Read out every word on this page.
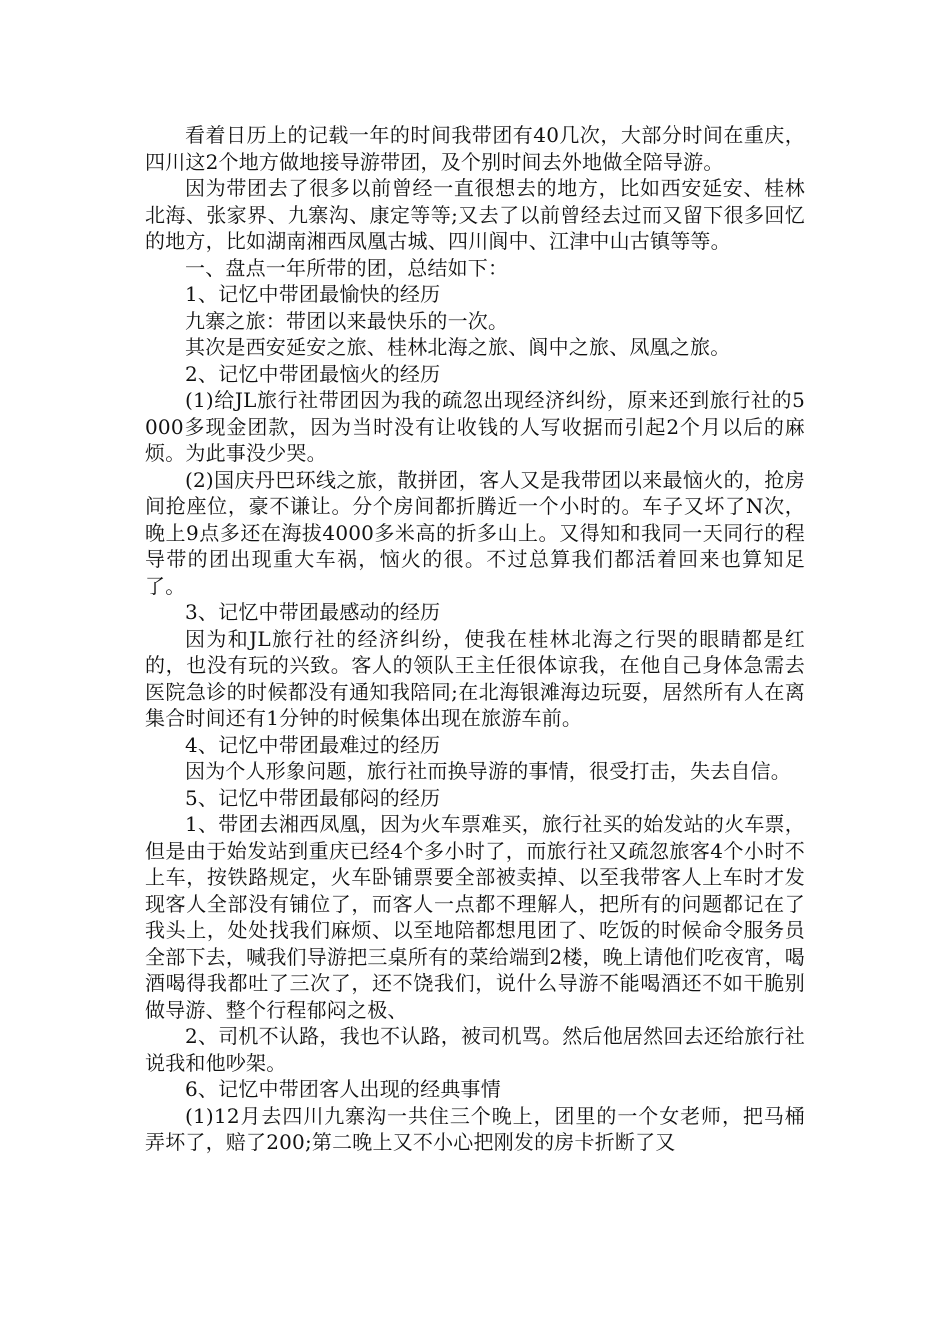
看着日历上的记载一年的时间我带团有40几次，大部分时间在重庆，四川这2个地方做地接导游带团，及个别时间去外地做全陪导游。

因为带团去了很多以前曾经一直很想去的地方，比如西安延安、桂林北海、张家界、九寨沟、康定等等;又去了以前曾经去过而又留下很多回忆的地方，比如湖南湘西凤凰古城、四川阆中、江津中山古镇等等。

一、盘点一年所带的团，总结如下：

1、记忆中带团最愉快的经历

九寨之旅：带团以来最快乐的一次。

其次是西安延安之旅、桂林北海之旅、阆中之旅、凤凰之旅。

2、记忆中带团最恼火的经历

(1)给JL旅行社带团因为我的疏忽出现经济纠纷，原来还到旅行社的5000多现金团款，因为当时没有让收钱的人写收据而引起2个月以后的麻烦。为此事没少哭。

(2)国庆丹巴环线之旅，散拼团，客人又是我带团以来最恼火的，抢房间抢座位，豪不谦让。分个房间都折腾近一个小时的。车子又坏了N次，晚上9点多还在海拔4000多米高的折多山上。又得知和我同一天同行的程导带的团出现重大车祸，恼火的很。不过总算我们都活着回来也算知足了。

3、记忆中带团最感动的经历

因为和JL旅行社的经济纠纷，使我在桂林北海之行哭的眼睛都是红的，也没有玩的兴致。客人的领队王主任很体谅我，在他自己身体急需去医院急诊的时候都没有通知我陪同;在北海银滩海边玩耍，居然所有人在离集合时间还有1分钟的时候集体出现在旅游车前。

4、记忆中带团最难过的经历

因为个人形象问题，旅行社而换导游的事情，很受打击，失去自信。

5、记忆中带团最郁闷的经历

1、带团去湘西凤凰，因为火车票难买，旅行社买的始发站的火车票，但是由于始发站到重庆已经4个多小时了，而旅行社又疏忽旅客4个小时不上车，按铁路规定，火车卧铺票要全部被卖掉、以至我带客人上车时才发现客人全部没有铺位了，而客人一点都不理解人，把所有的问题都记在了我头上，处处找我们麻烦、以至地陪都想甩团了、吃饭的时候命令服务员全部下去，喊我们导游把三桌所有的菜给端到2楼，晚上请他们吃夜宵，喝酒喝得我都吐了三次了，还不饶我们，说什么导游不能喝酒还不如干脆别做导游、整个行程郁闷之极、

2、司机不认路，我也不认路，被司机骂。然后他居然回去还给旅行社说我和他吵架。

6、记忆中带团客人出现的经典事情

(1)12月去四川九寨沟一共住三个晚上，团里的一个女老师，把马桶弄坏了，赔了200;第二晚上又不小心把刚发的房卡折断了又
